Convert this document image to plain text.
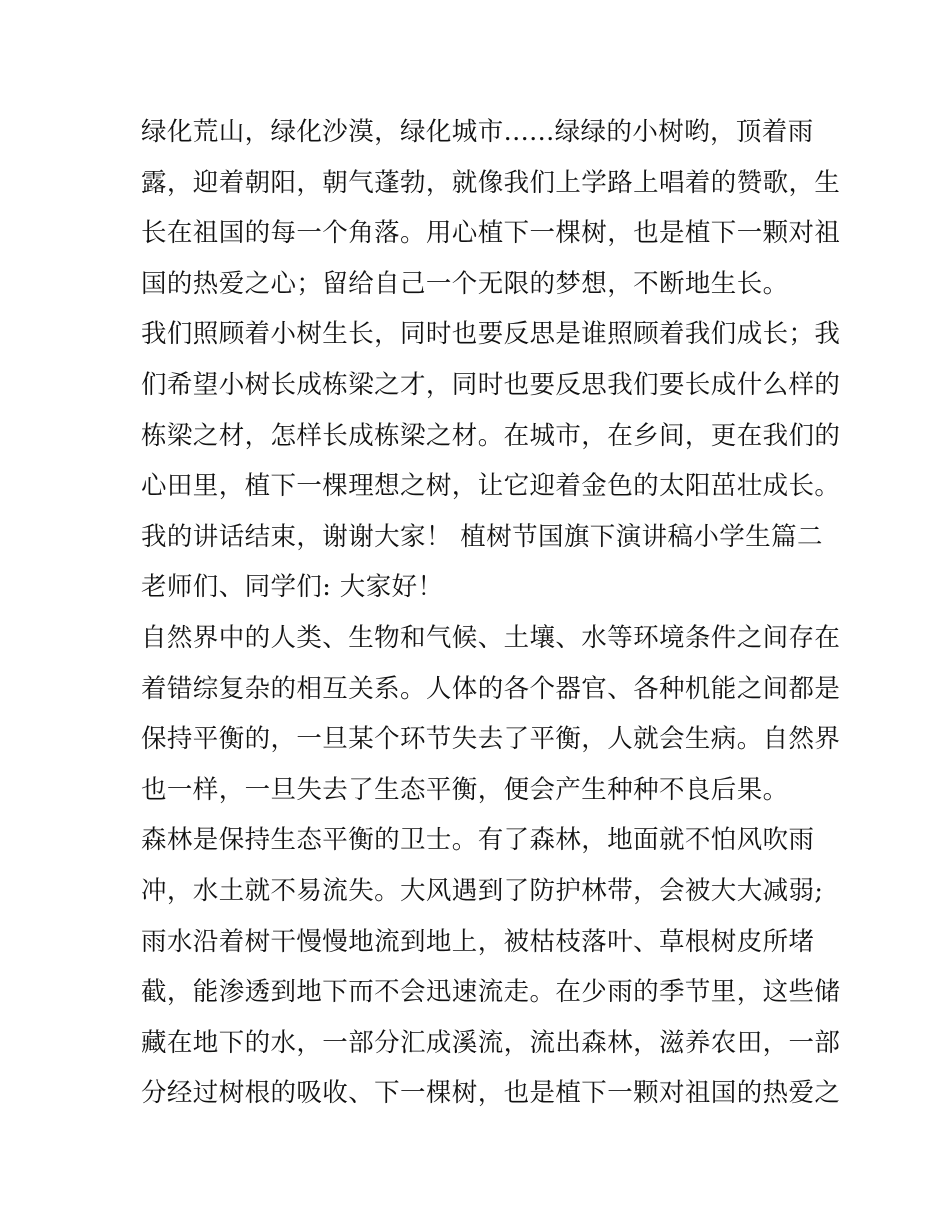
绿化荒山，绿化沙漠，绿化城市......绿绿的小树哟，顶着雨
露，迎着朝阳，朝气蓬勃，就像我们上学路上唱着的赞歌，生
长在祖国的每一个角落。用心植下一棵树，也是植下一颗对祖
国的热爱之心；留给自己一个无限的梦想，不断地生长。
我们照顾着小树生长，同时也要反思是谁照顾着我们成长；我
们希望小树长成栋梁之才，同时也要反思我们要长成什么样的
栋梁之材，怎样长成栋梁之材。在城市，在乡间，更在我们的
心田里，植下一棵理想之树，让它迎着金色的太阳茁壮成长。
我的讲话结束，谢谢大家！ 植树节国旗下演讲稿小学生篇二
老师们、同学们: 大家好！
自然界中的人类、生物和气候、土壤、水等环境条件之间存在
着错综复杂的相互关系。人体的各个器官、各种机能之间都是
保持平衡的，一旦某个环节失去了平衡，人就会生病。自然界
也一样，一旦失去了生态平衡，便会产生种种不良后果。
森林是保持生态平衡的卫士。有了森林，地面就不怕风吹雨
冲，水土就不易流失。大风遇到了防护林带，会被大大减弱;
雨水沿着树干慢慢地流到地上，被枯枝落叶、草根树皮所堵
截，能渗透到地下而不会迅速流走。在少雨的季节里，这些储
藏在地下的水，一部分汇成溪流，流出森林，滋养农田，一部
分经过树根的吸收、下一棵树，也是植下一颗对祖国的热爱之
